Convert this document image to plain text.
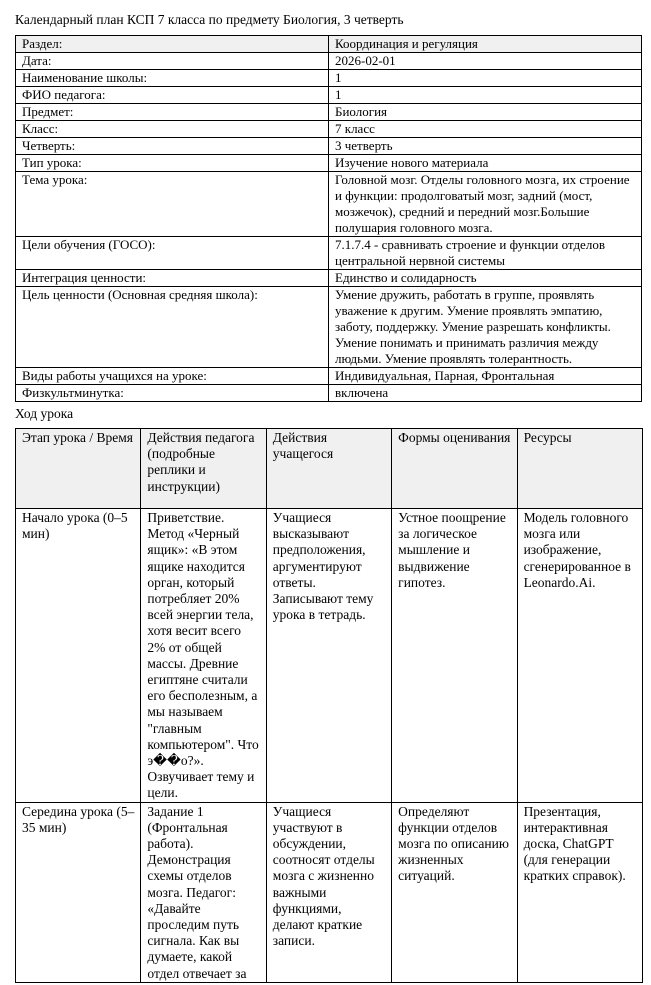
Календарный план КСП 7 класса по предмету Биология, 3 четверть
Раздел:	Координация и регуляция
Дата:	2026-02-01
Наименование школы:	1
ФИО педагога:	1
Предмет:	Биология
Класс:	7 класс
Четверть:	3 четверть
Тип урока:	Изучение нового материала
Тема урока:	Головной мозг. Отделы головного мозга, их строение и функции: продолговатый мозг, задний (мост, мозжечок), средний и передний мозг.Большие полушария головного мозга.
Цели обучения (ГОСО):	7.1.7.4 - сравнивать строение и функции отделов центральной нервной системы
Интеграция ценности:	Единство и солидарность
Цель ценности (Основная средняя школа):	Умение дружить, работать в группе, проявлять уважение к другим. Умение проявлять эмпатию, заботу, поддержку. Умение разрешать конфликты. Умение понимать и принимать различия между людьми. Умение проявлять толерантность.
Виды работы учащихся на уроке:	Индивидуальная, Парная, Фронтальная
Физкультминутка:	включена
Ход урока
Этап урока / Время	Действия педагога (подробные реплики и инструкции)	Действия учащегося	Формы оценивания	Ресурсы
Начало урока (0–5 мин)	Приветствие. Метод «Черный ящик»: «В этом ящике находится орган, который потребляет 20% всей энергии тела, хотя весит всего 2% от общей массы. Древние египтяне считали его бесполезным, а мы называем "главным компьютером". Что э��о?». Озвучивает тему и цели.	Учащиеся высказывают предположения, аргументируют ответы. Записывают тему урока в тетрадь.	Устное поощрение за логическое мышление и выдвижение гипотез.	Модель головного мозга или изображение, сгенерированное в Leonardo.Ai.
Середина урока (5–35 мин)	Задание 1 (Фронтальная работа). Демонстрация схемы отделов мозга. Педагог: «Давайте проследим путь сигнала. Как вы думаете, какой отдел отвечает за	Учащиеся участвуют в обсуждении, соотносят отделы мозга с жизненно важными функциями, делают краткие записи.	Определяют функции отделов мозга по описанию жизненных ситуаций.	Презентация, интерактивная доска, ChatGPT (для генерации кратких справок).
